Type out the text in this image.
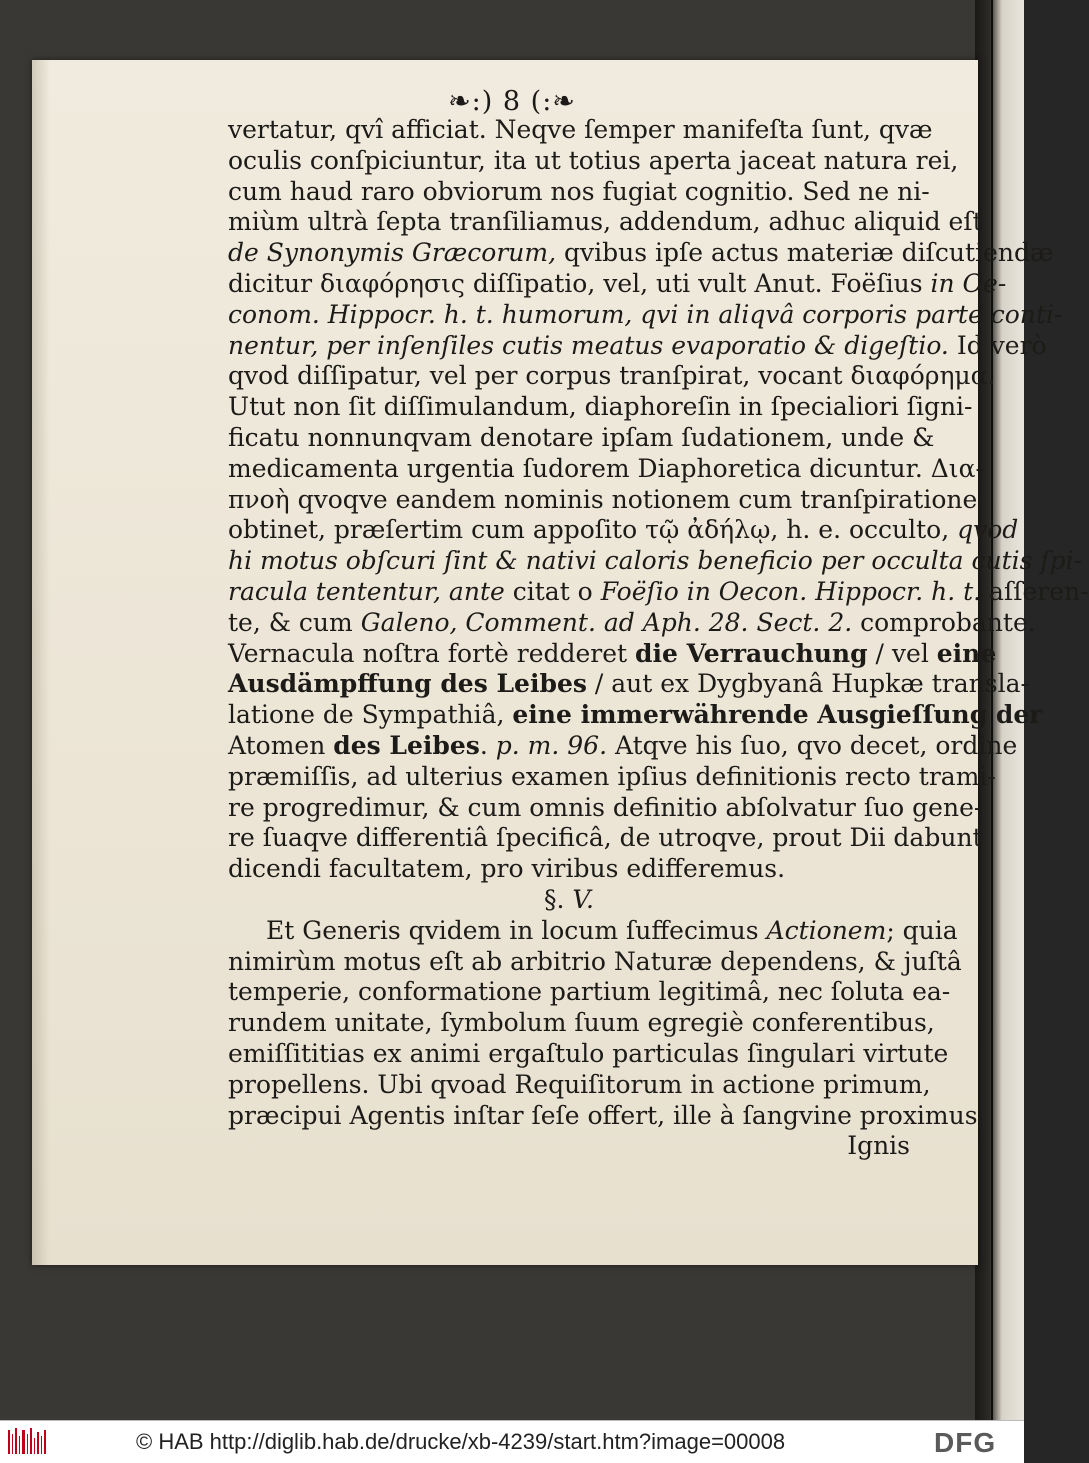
❧:) 8 (:❧
vertatur, qvî afficiat. Neqve ſemper manifeſta ſunt, qvæ
oculis conſpiciuntur, ita ut totius aperta jaceat natura rei,
cum haud raro obviorum nos fugiat cognitio. Sed ne ni-
miùm ultrà ſepta tranſiliamus, addendum, adhuc aliquid eſt
de Synonymis Græcorum, qvibus ipſe actus materiæ diſcutiendæ
dicitur διαφόρησις diſſipatio, vel, uti vult Anut. Foëſius in Oe-
conom. Hippocr. h. t. humorum, qvi in aliqvâ corporis parte conti-
nentur, per inſenſiles cutis meatus evaporatio & digeſtio. Id verò
qvod diſſipatur, vel per corpus tranſpirat, vocant διαφόρημα.
Utut non ſit diſſimulandum, diaphoreſin in ſpecialiori ſigni-
ficatu nonnunqvam denotare ipſam ſudationem, unde &
medicamenta urgentia ſudorem Diaphoretica dicuntur. Δια-
πνοὴ qvoqve eandem nominis notionem cum tranſpiratione
obtinet, præſertim cum appoſito τῷ ἀδήλῳ, h. e. occulto, qvod
hi motus obſcuri ſint & nativi caloris beneficio per occulta cutis ſpi-
racula tententur, ante citat o Foëſio in Oecon. Hippocr. h. t. aſſeren-
te, & cum Galeno, Comment. ad Aph. 28. Sect. 2. comprobante.
Vernacula noſtra fortè redderet die Verrauchung / vel eine
Ausdämpffung des Leibes / aut ex Dygbyanâ Hupkæ transla-
latione de Sympathiâ, eine immerwährende Ausgieſſung der
Atomen des Leibes. p. m. 96. Atqve his ſuo, qvo decet, ordine
præmiſſis, ad ulterius examen ipſius definitionis recto trami-
re progredimur, & cum omnis definitio abſolvatur ſuo gene-
re ſuaqve differentiâ ſpecificâ, de utroqve, prout Dii dabunt
dicendi facultatem, pro viribus edifferemus.
§. V.
Et Generis qvidem in locum ſuffecimus Actionem; quia
nimirùm motus eſt ab arbitrio Naturæ dependens, & juſtâ
temperie, conformatione partium legitimâ, nec ſoluta ea-
rundem unitate, ſymbolum ſuum egregiè conferentibus,
emiſſititias ex animi ergaſtulo particulas ſingulari virtute
propellens. Ubi qvoad Requiſitorum in actione primum,
præcipui Agentis inſtar ſeſe offert, ille à ſangvine proximus
Ignis
© HAB http://diglib.hab.de/drucke/xb-4239/start.htm?image=00008	DFG
